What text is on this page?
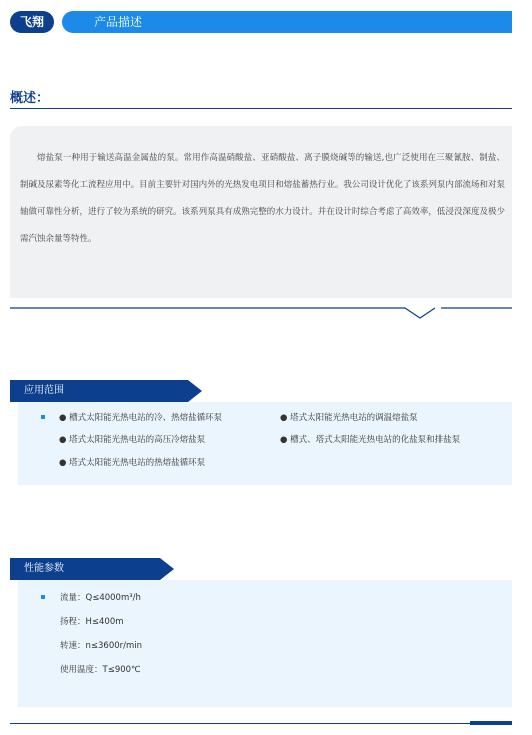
飞翔	产品描述
概述：
熔盐泵一种用于输送高温金属盐的泵。常用作高温硝酸盐、亚硝酸盐、离子膜烧碱等的输送,也广泛使用在三聚氰胺、制盐、制碱及尿素等化工流程应用中。目前主要针对国内外的光热发电项目和熔盐蓄热行业。我公司设计优化了该系列泵内部流场和对泵轴做可靠性分析，进行了较为系统的研究。该系列泵具有成熟完整的水力设计。并在设计时综合考虑了高效率，低浸没深度及极少需汽蚀余量等特性。
应用范围
● 槽式太阳能光热电站的冷、热熔盐循环泵	● 塔式太阳能光热电站的调温熔盐泵
● 塔式太阳能光热电站的高压冷熔盐泵	● 槽式、塔式太阳能光热电站的化盐泵和排盐泵
● 塔式太阳能光热电站的热熔盐循环泵
性能参数
流量：Q≤4000m³/h
扬程：H≤400m
转速：n≤3600r/min
使用温度：T≤900℃
